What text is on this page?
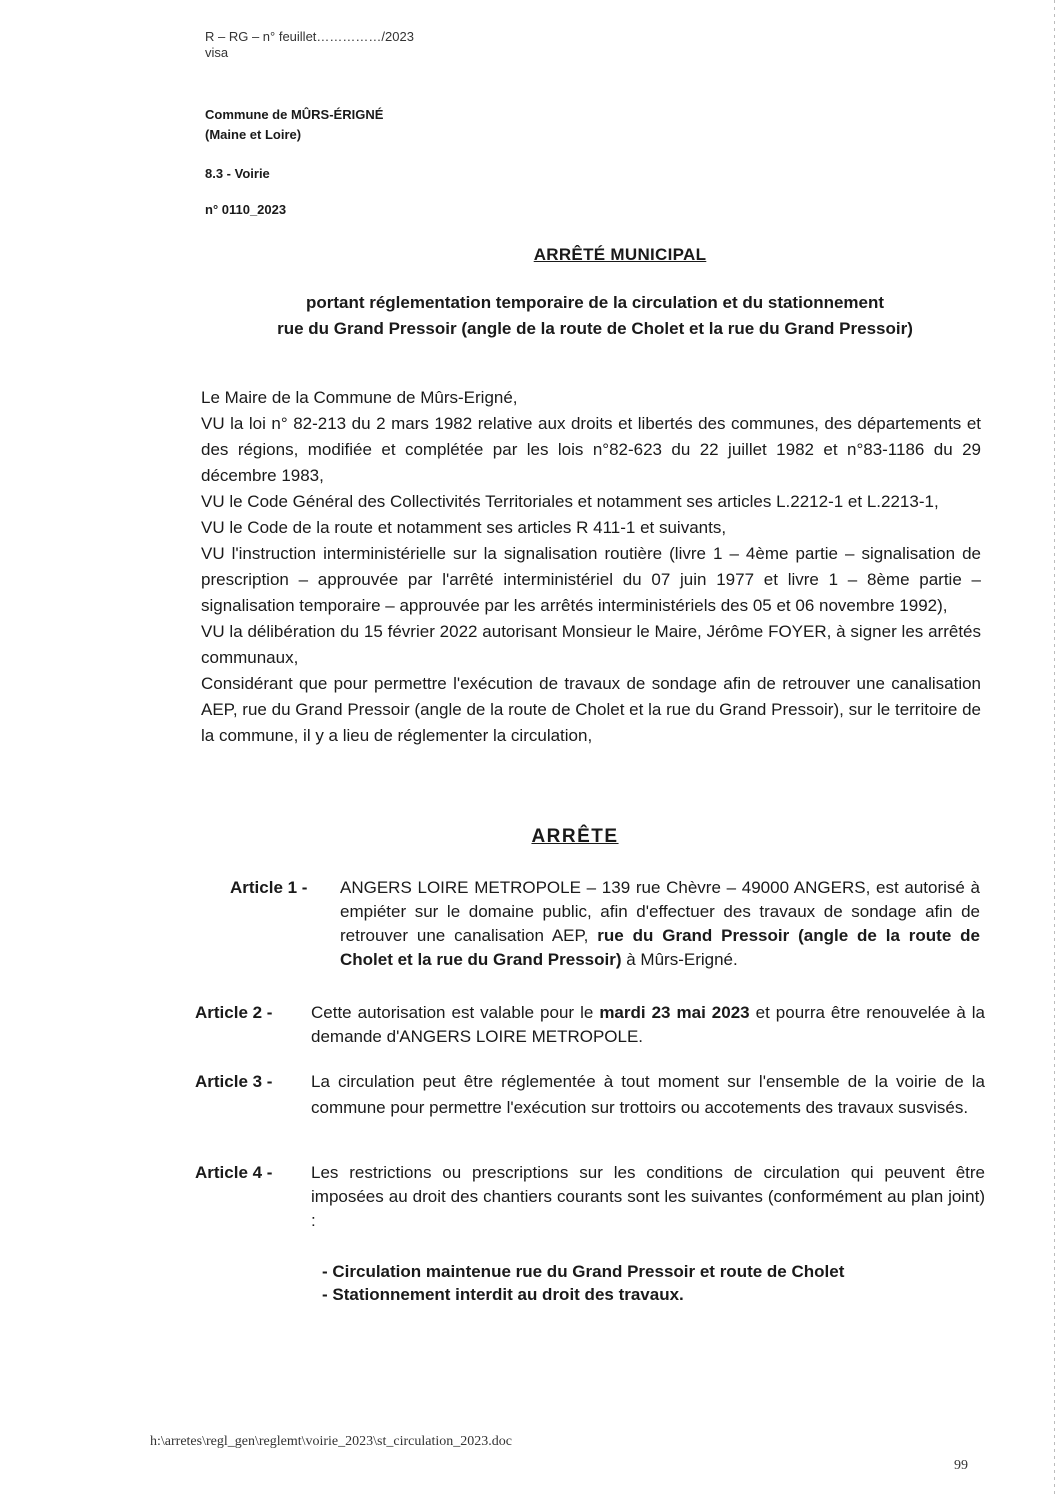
R – RG – n° feuillet……………/2023
visa
Commune de MÛRS-ÉRIGNÉ
(Maine et Loire)
8.3 - Voirie
n° 0110_2023
ARRÊTÉ MUNICIPAL
portant réglementation temporaire de la circulation et du stationnement
rue du Grand Pressoir (angle de la route de Cholet et la rue du Grand Pressoir)

Le Maire de la Commune de Mûrs-Erigné,

VU la loi n° 82-213 du 2 mars 1982 relative aux droits et libertés des communes, des départements et des régions, modifiée et complétée par les lois n°82-623 du 22 juillet 1982 et n°83-1186 du 29 décembre 1983,

VU le Code Général des Collectivités Territoriales et notamment ses articles L.2212-1 et L.2213-1,

VU le Code de la route et notamment ses articles R 411-1 et suivants,

VU l'instruction interministérielle sur la signalisation routière (livre 1 – 4ème partie – signalisation de prescription – approuvée par l'arrêté interministériel du 07 juin 1977 et livre 1 – 8ème partie – signalisation temporaire – approuvée par les arrêtés interministériels des 05 et 06 novembre 1992),

VU la délibération du 15 février 2022 autorisant Monsieur le Maire, Jérôme FOYER, à signer les arrêtés communaux,

Considérant que pour permettre l'exécution de travaux de sondage afin de retrouver une canalisation AEP, rue du Grand Pressoir (angle de la route de Cholet et la rue du Grand Pressoir), sur le territoire de la commune, il y a lieu de réglementer la circulation,

ARRÊTE
Article 1 -	ANGERS LOIRE METROPOLE – 139 rue Chèvre – 49000 ANGERS, est autorisé à empiéter sur le domaine public, afin d'effectuer des travaux de sondage afin de retrouver une canalisation AEP, rue du Grand Pressoir (angle de la route de Cholet et la rue du Grand Pressoir) à Mûrs-Erigné.
Article 2 -	Cette autorisation est valable pour le mardi 23 mai 2023 et pourra être renouvelée à la demande d'ANGERS LOIRE METROPOLE.
Article 3 -	La circulation peut être réglementée à tout moment sur l'ensemble de la voirie de la commune pour permettre l'exécution sur trottoirs ou accotements des travaux susvisés.
Article 4 -	Les restrictions ou prescriptions sur les conditions de circulation qui peuvent être imposées au droit des chantiers courants sont les suivantes (conformément au plan joint) :
- Circulation maintenue rue du Grand Pressoir et route de Cholet
- Stationnement interdit au droit des travaux.
h:\arretes\regl_gen\reglemt\voirie_2023\st_circulation_2023.doc
99
